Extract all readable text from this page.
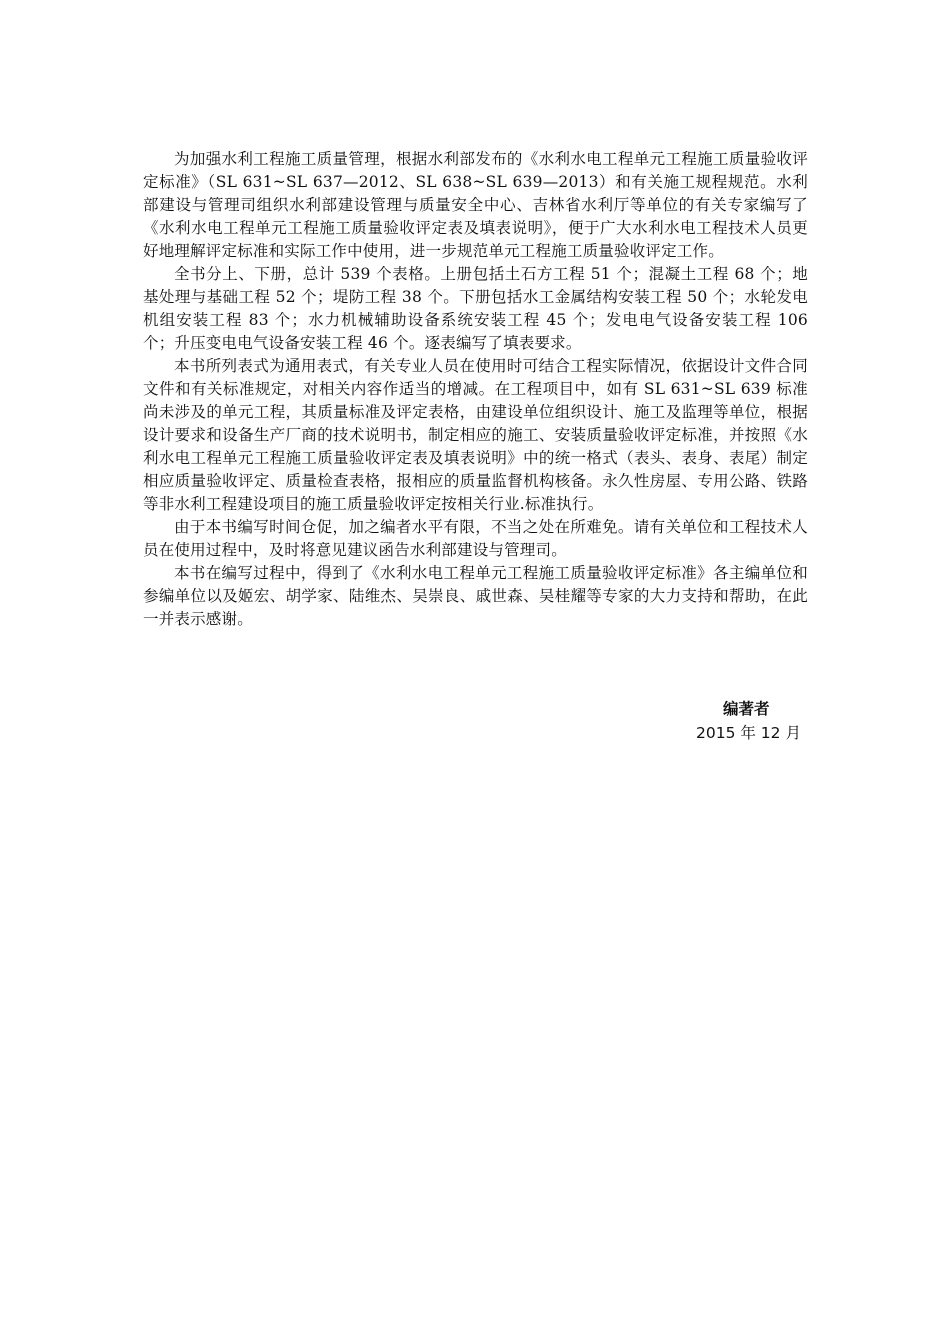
为加强水利工程施工质量管理，根据水利部发布的《水利水电工程单元工程施工质量验收评定标准》（SL 631~SL 637—2012、SL 638~SL 639—2013）和有关施工规程规范。水利部建设与管理司组织水利部建设管理与质量安全中心、吉林省水利厅等单位的有关专家编写了《水利水电工程单元工程施工质量验收评定表及填表说明》，便于广大水利水电工程技术人员更好地理解评定标准和实际工作中使用，进一步规范单元工程施工质量验收评定工作。

全书分上、下册，总计 539 个表格。上册包括土石方工程 51 个；混凝土工程 68 个；地基处理与基础工程 52 个；堤防工程 38 个。下册包括水工金属结构安装工程 50 个；水轮发电机组安装工程 83 个；水力机械辅助设备系统安装工程 45 个；发电电气设备安装工程 106 个；升压变电电气设备安装工程 46 个。逐表编写了填表要求。

本书所列表式为通用表式，有关专业人员在使用时可结合工程实际情况，依据设计文件合同文件和有关标准规定，对相关内容作适当的增减。在工程项目中，如有 SL 631~SL 639 标准尚未涉及的单元工程，其质量标准及评定表格，由建设单位组织设计、施工及监理等单位，根据设计要求和设备生产厂商的技术说明书，制定相应的施工、安装质量验收评定标准，并按照《水利水电工程单元工程施工质量验收评定表及填表说明》中的统一格式（表头、表身、表尾）制定相应质量验收评定、质量检查表格，报相应的质量监督机构核备。永久性房屋、专用公路、铁路等非水利工程建设项目的施工质量验收评定按相关行业.标准执行。

由于本书编写时间仓促，加之编者水平有限，不当之处在所难免。请有关单位和工程技术人员在使用过程中，及时将意见建议函告水利部建设与管理司。

本书在编写过程中，得到了《水利水电工程单元工程施工质量验收评定标准》各主编单位和参编单位以及姬宏、胡学家、陆维杰、吴崇良、戚世森、吴桂耀等专家的大力支持和帮助，在此一并表示感谢。

编著者
2015 年 12 月
